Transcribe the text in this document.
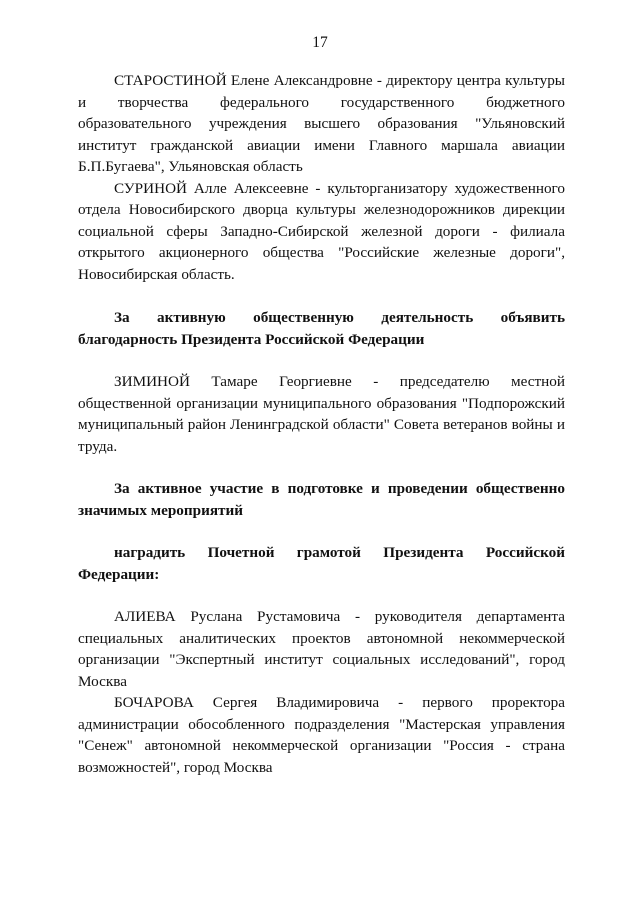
17

СТАРОСТИНОЙ Елене Александровне - директору центра культуры и творчества федерального государственного бюджетного образовательного учреждения высшего образования "Ульяновский институт гражданской авиации имени Главного маршала авиации Б.П.Бугаева", Ульяновская область

СУРИНОЙ Алле Алексеевне - культорганизатору художественного отдела Новосибирского дворца культуры железнодорожников дирекции социальной сферы Западно-Сибирской железной дороги - филиала открытого акционерного общества "Российские железные дороги", Новосибирская область.

За активную общественную деятельность объявить благодарность Президента Российской Федерации

ЗИМИНОЙ Тамаре Георгиевне - председателю местной общественной организации муниципального образования "Подпорожский муниципальный район Ленинградской области" Совета ветеранов войны и труда.

За активное участие в подготовке и проведении общественно значимых мероприятий

наградить Почетной грамотой Президента Российской Федерации:

АЛИЕВА Руслана Рустамовича - руководителя департамента специальных аналитических проектов автономной некоммерческой организации "Экспертный институт социальных исследований", город Москва

БОЧАРОВА Сергея Владимировича - первого проректора администрации обособленного подразделения "Мастерская управления "Сенеж" автономной некоммерческой организации "Россия - страна возможностей", город Москва
